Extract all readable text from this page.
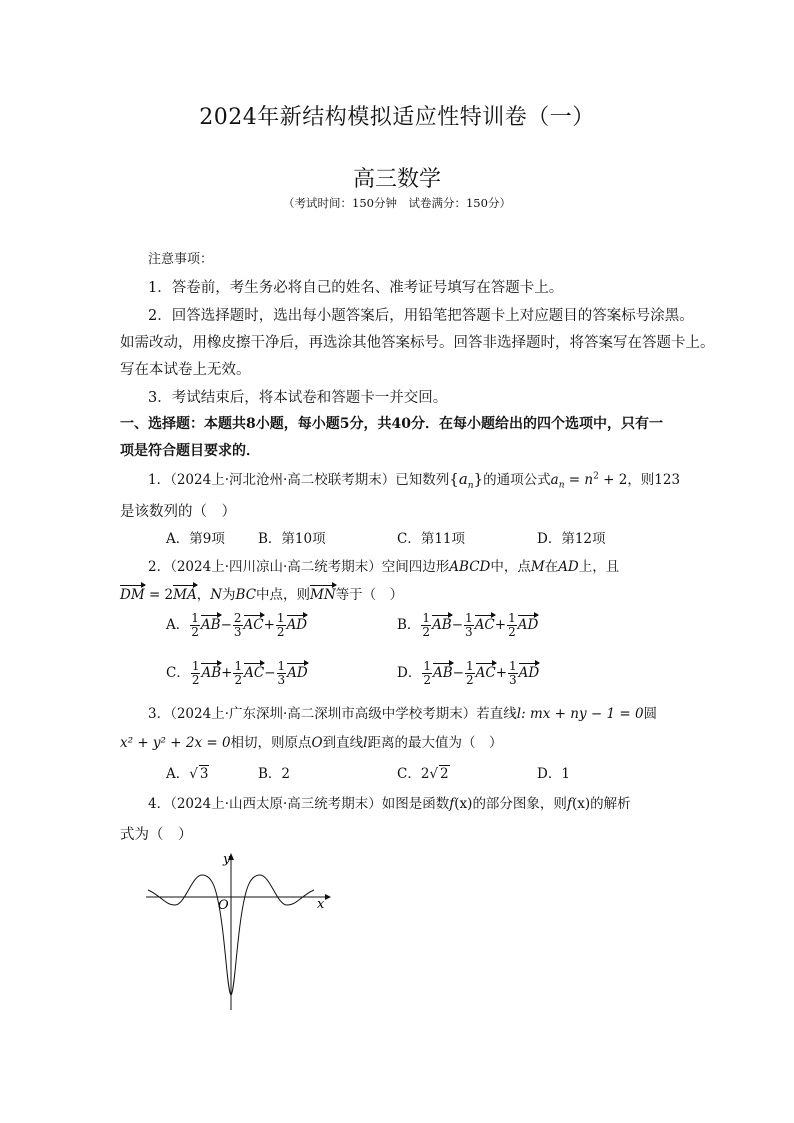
2024年新结构模拟适应性特训卷（一）
高三数学
（考试时间：150分钟　试卷满分：150分）
注意事项：
1．答卷前，考生务必将自己的姓名、准考证号填写在答题卡上。
2．回答选择题时，选出每小题答案后，用铅笔把答题卡上对应题目的答案标号涂黑。
如需改动，用橡皮擦干净后，再选涂其他答案标号。回答非选择题时，将答案写在答题卡上。
写在本试卷上无效。
3．考试结束后，将本试卷和答题卡一并交回。
一、选择题：本题共8小题，每小题5分，共40分．在每小题给出的四个选项中，只有一
项是符合题目要求的．
1．（2024上·河北沧州·高二校联考期末）已知数列$\{a_n\}$的通项公式$a_n = n^2 + 2$，则123
是该数列的（　）
A．第9项 B．第10项	C．第11项	D．第12项
2．（2024上·四川凉山·高二统考期末）空间四边形ABCD中，点M在AD上，且
DM = 2MA，N为BC中点，则MN等于（　）
A． $\frac{1}{2} AB- \frac{2}{3} AC+ \frac{1}{2}$ AD	B． $\frac{1}{2} AB- \frac{1}{3} AC+ \frac{1}{2}$ AD
C． $\frac{1}{2} AB+ \frac{1}{2} AC- \frac{1}{3}$ AD	D． $\frac{1}{2} AB- \frac{1}{2} AC+ \frac{1}{3}$ AD
3．（2024上·广东深圳·高二深圳市高级中学校考期末）若直线l: mx + ny − 1 = 0圆
x² + y² + 2x = 0相切，则原点O到直线l距离的最大值为（　）
A．√ 3	B．2	C．2√ 2	D．1
4．（2024上·山西太原·高三统考期末）如图是函数f(x)的部分图象，则f(x)的解析
式为（　）
y
x
O
